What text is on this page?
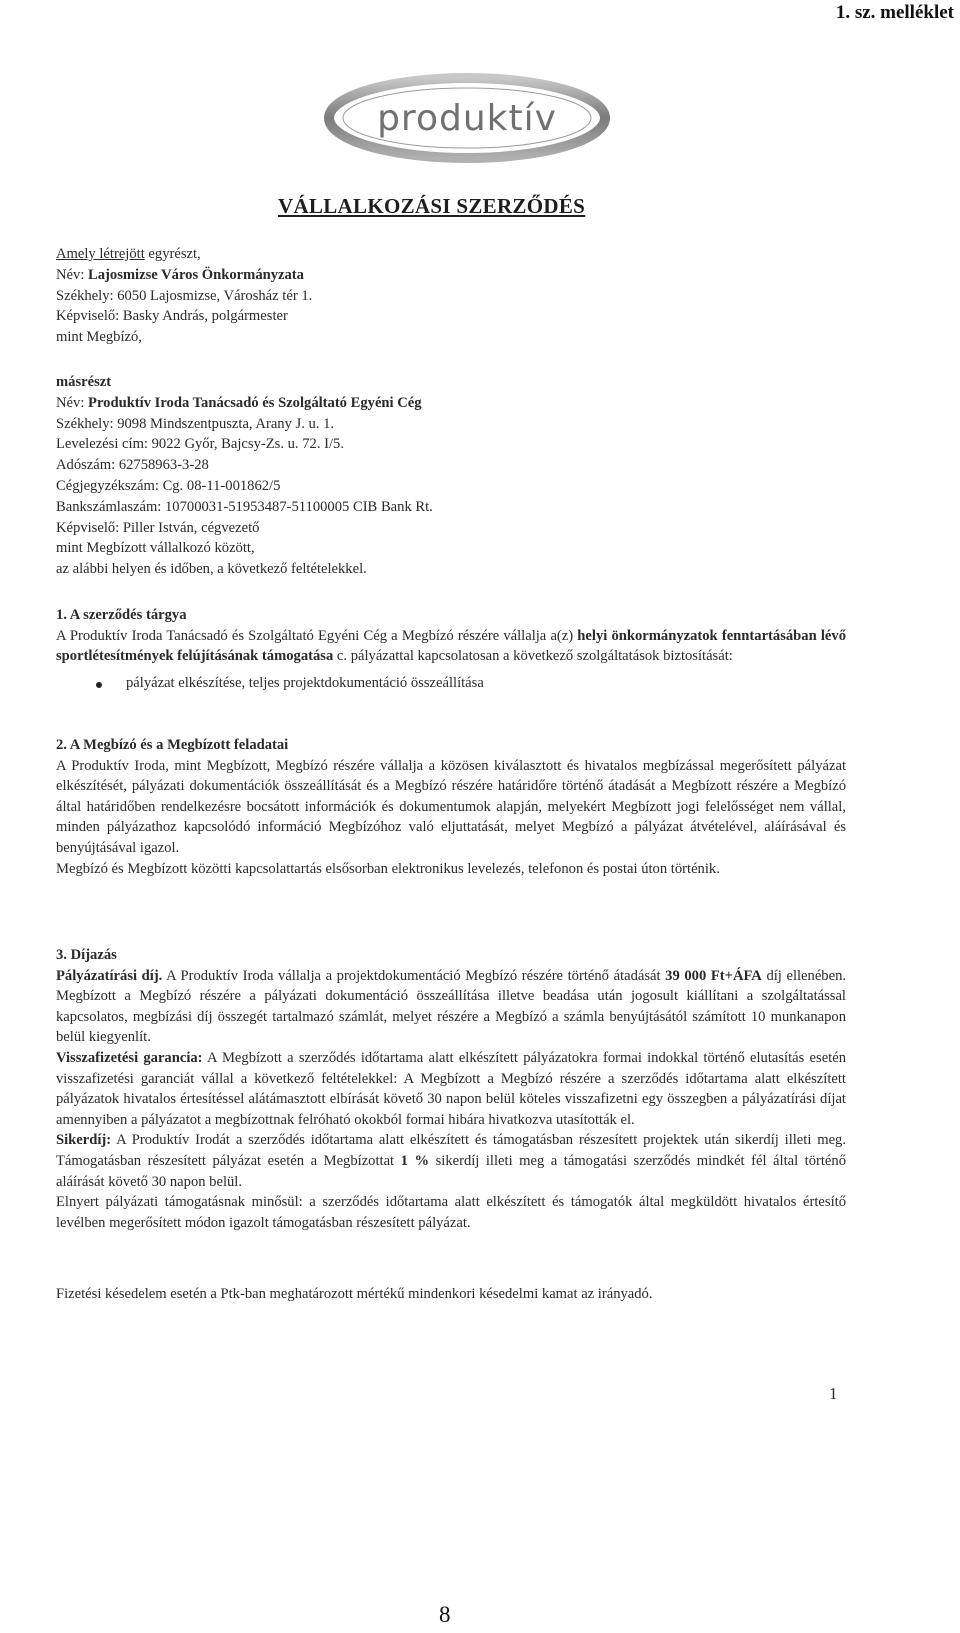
1. sz. melléklet
produktív
VÁLLALKOZÁSI SZERZŐDÉS
Amely létrejött egyrészt,
Név: Lajosmizse Város Önkormányzata
Székhely: 6050 Lajosmizse, Városház tér 1.
Képviselő: Basky András, polgármester
mint Megbízó,
másrészt
Név: Produktív Iroda Tanácsadó és Szolgáltató Egyéni Cég
Székhely: 9098 Mindszentpuszta, Arany J. u. 1.
Levelezési cím: 9022 Győr, Bajcsy-Zs. u. 72. I/5.
Adószám: 62758963-3-28
Cégjegyzékszám: Cg. 08-11-001862/5
Bankszámlaszám: 10700031-51953487-51100005 CIB Bank Rt.
Képviselő: Piller István, cégvezető
mint Megbízott vállalkozó között,
az alábbi helyen és időben, a következő feltételekkel.

1. A szerződés tárgya

A Produktív Iroda Tanácsadó és Szolgáltató Egyéni Cég a Megbízó részére vállalja a(z) helyi önkormányzatok fenntartásában lévő sportlétesítmények felújításának támogatása c. pályázattal kapcsolatosan a következő szolgáltatások biztosítását:

pályázat elkészítése, teljes projektdokumentáció összeállítása

2. A Megbízó és a Megbízott feladatai

A Produktív Iroda, mint Megbízott, Megbízó részére vállalja a közösen kiválasztott és hivatalos megbízással megerősített pályázat elkészítését, pályázati dokumentációk összeállítását és a Megbízó részére határidőre történő átadását a Megbízott részére a Megbízó által határidőben rendelkezésre bocsátott információk és dokumentumok alapján, melyekért Megbízott jogi felelősséget nem vállal, minden pályázathoz kapcsolódó információ Megbízóhoz való eljuttatását, melyet Megbízó a pályázat átvételével, aláírásával és benyújtásával igazol.

Megbízó és Megbízott közötti kapcsolattartás elsősorban elektronikus levelezés, telefonon és postai úton történik.

3. Díjazás

Pályázatírási díj. A Produktív Iroda vállalja a projektdokumentáció Megbízó részére történő átadását 39 000 Ft+ÁFA díj ellenében. Megbízott a Megbízó részére a pályázati dokumentáció összeállítása illetve beadása után jogosult kiállítani a szolgáltatással kapcsolatos, megbízási díj összegét tartalmazó számlát, melyet részére a Megbízó a számla benyújtásától számított 10 munkanapon belül kiegyenlít.

Visszafizetési garancia: A Megbízott a szerződés időtartama alatt elkészített pályázatokra formai indokkal történő elutasítás esetén visszafizetési garanciát vállal a következő feltételekkel: A Megbízott a Megbízó részére a szerződés időtartama alatt elkészített pályázatok hivatalos értesítéssel alátámasztott elbírását követő 30 napon belül köteles visszafizetni egy összegben a pályázatírási díjat amennyiben a pályázatot a megbízottnak felróható okokból formai hibára hivatkozva utasították el.

Sikerdíj: A Produktív Irodát a szerződés időtartama alatt elkészített és támogatásban részesített projektek után sikerdíj illeti meg. Támogatásban részesített pályázat esetén a Megbízottat 1 % sikerdíj illeti meg a támogatási szerződés mindkét fél által történő aláírását követő 30 napon belül.

Elnyert pályázati támogatásnak minősül: a szerződés időtartama alatt elkészített és támogatók által megküldött hivatalos értesítő levélben megerősített módon igazolt támogatásban részesített pályázat.

Fizetési késedelem esetén a Ptk-ban meghatározott mértékű mindenkori késedelmi kamat az irányadó.

1
8
